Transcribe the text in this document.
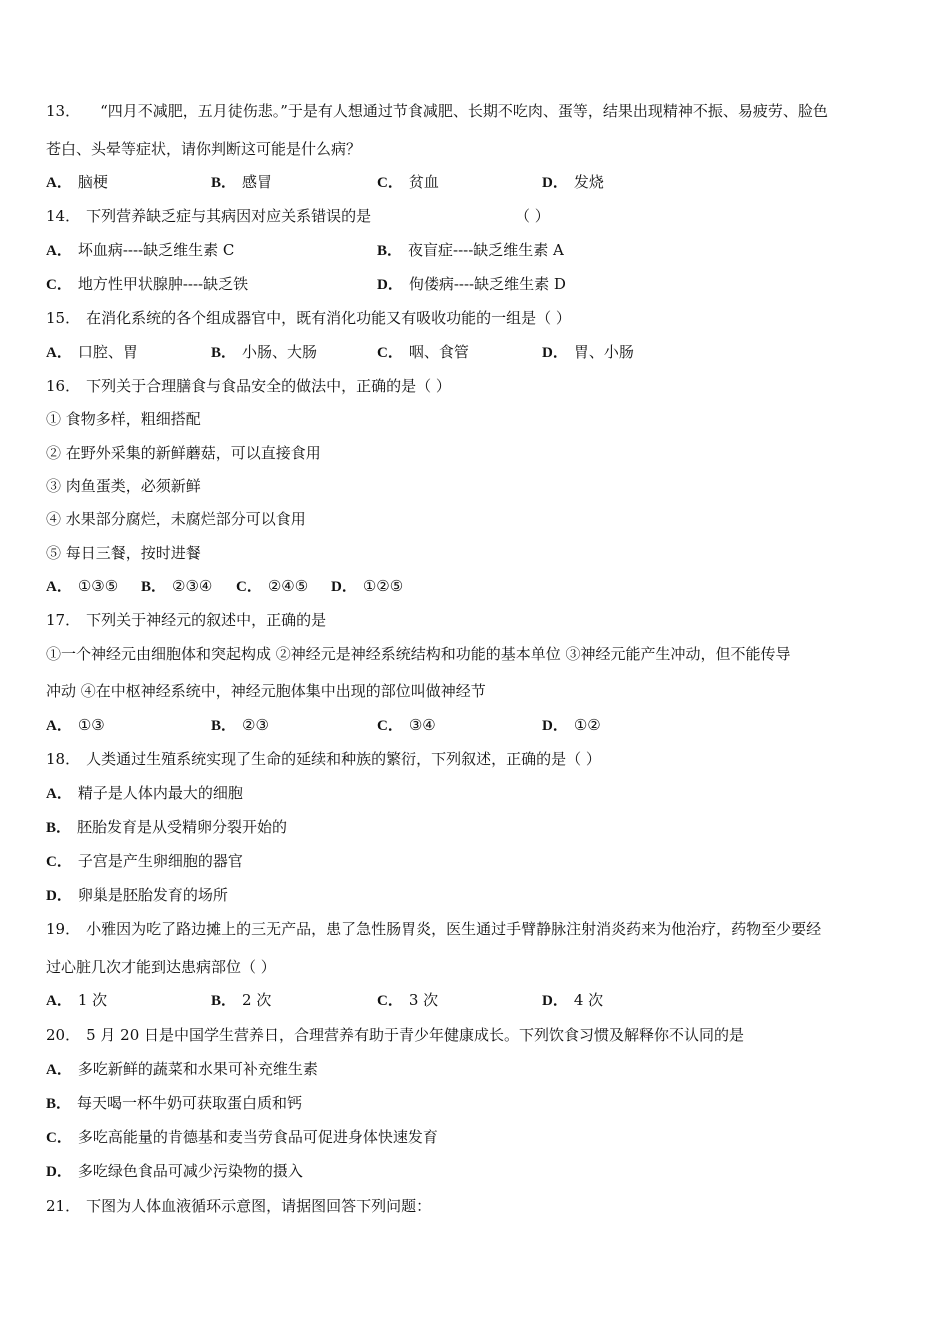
13． “四月不减肥，五月徒伤悲。”于是有人想通过节食减肥、长期不吃肉、蛋等，结果出现精神不振、易疲劳、脸色
苍白、头晕等症状，请你判断这可能是什么病？
A． 脑梗	B． 感冒	C． 贫血	D． 发烧
14． 下列营养缺乏症与其病因对应关系错误的是	（ ）
A． 坏血病----缺乏维生素 C	B． 夜盲症----缺乏维生素 A
C． 地方性甲状腺肿----缺乏铁	D． 佝偻病----缺乏维生素 D
15． 在消化系统的各个组成器官中，既有消化功能又有吸收功能的一组是（ ）
A． 口腔、胃	B． 小肠、大肠	C． 咽、食管	D． 胃、小肠
16． 下列关于合理膳食与食品安全的做法中，正确的是（ ）
① 食物多样，粗细搭配
② 在野外采集的新鲜蘑菇，可以直接食用
③ 肉鱼蛋类，必须新鲜
④ 水果部分腐烂，未腐烂部分可以食用
⑤ 每日三餐，按时进餐
A． ①③⑤ B． ②③④ C． ②④⑤ D． ①②⑤
17． 下列关于神经元的叙述中，正确的是
①一个神经元由细胞体和突起构成 ②神经元是神经系统结构和功能的基本单位 ③神经元能产生冲动，但不能传导
冲动 ④在中枢神经系统中，神经元胞体集中出现的部位叫做神经节
A． ①③	B． ②③	C． ③④	D． ①②
18． 人类通过生殖系统实现了生命的延续和种族的繁衍，下列叙述，正确的是（ ）
A． 精子是人体内最大的细胞
B． 胚胎发育是从受精卵分裂开始的
C． 子宫是产生卵细胞的器官
D． 卵巢是胚胎发育的场所
19． 小雅因为吃了路边摊上的三无产品，患了急性肠胃炎，医生通过手臂静脉注射消炎药来为他治疗，药物至少要经
过心脏几次才能到达患病部位（ ）
A． 1 次	B． 2 次	C． 3 次	D． 4 次
20． 5 月 20 日是中国学生营养日，合理营养有助于青少年健康成长。下列饮食习惯及解释你不认同的是
A． 多吃新鲜的蔬菜和水果可补充维生素
B． 每天喝一杯牛奶可获取蛋白质和钙
C． 多吃高能量的肯德基和麦当劳食品可促进身体快速发育
D． 多吃绿色食品可减少污染物的摄入
21． 下图为人体血液循环示意图，请据图回答下列问题：
